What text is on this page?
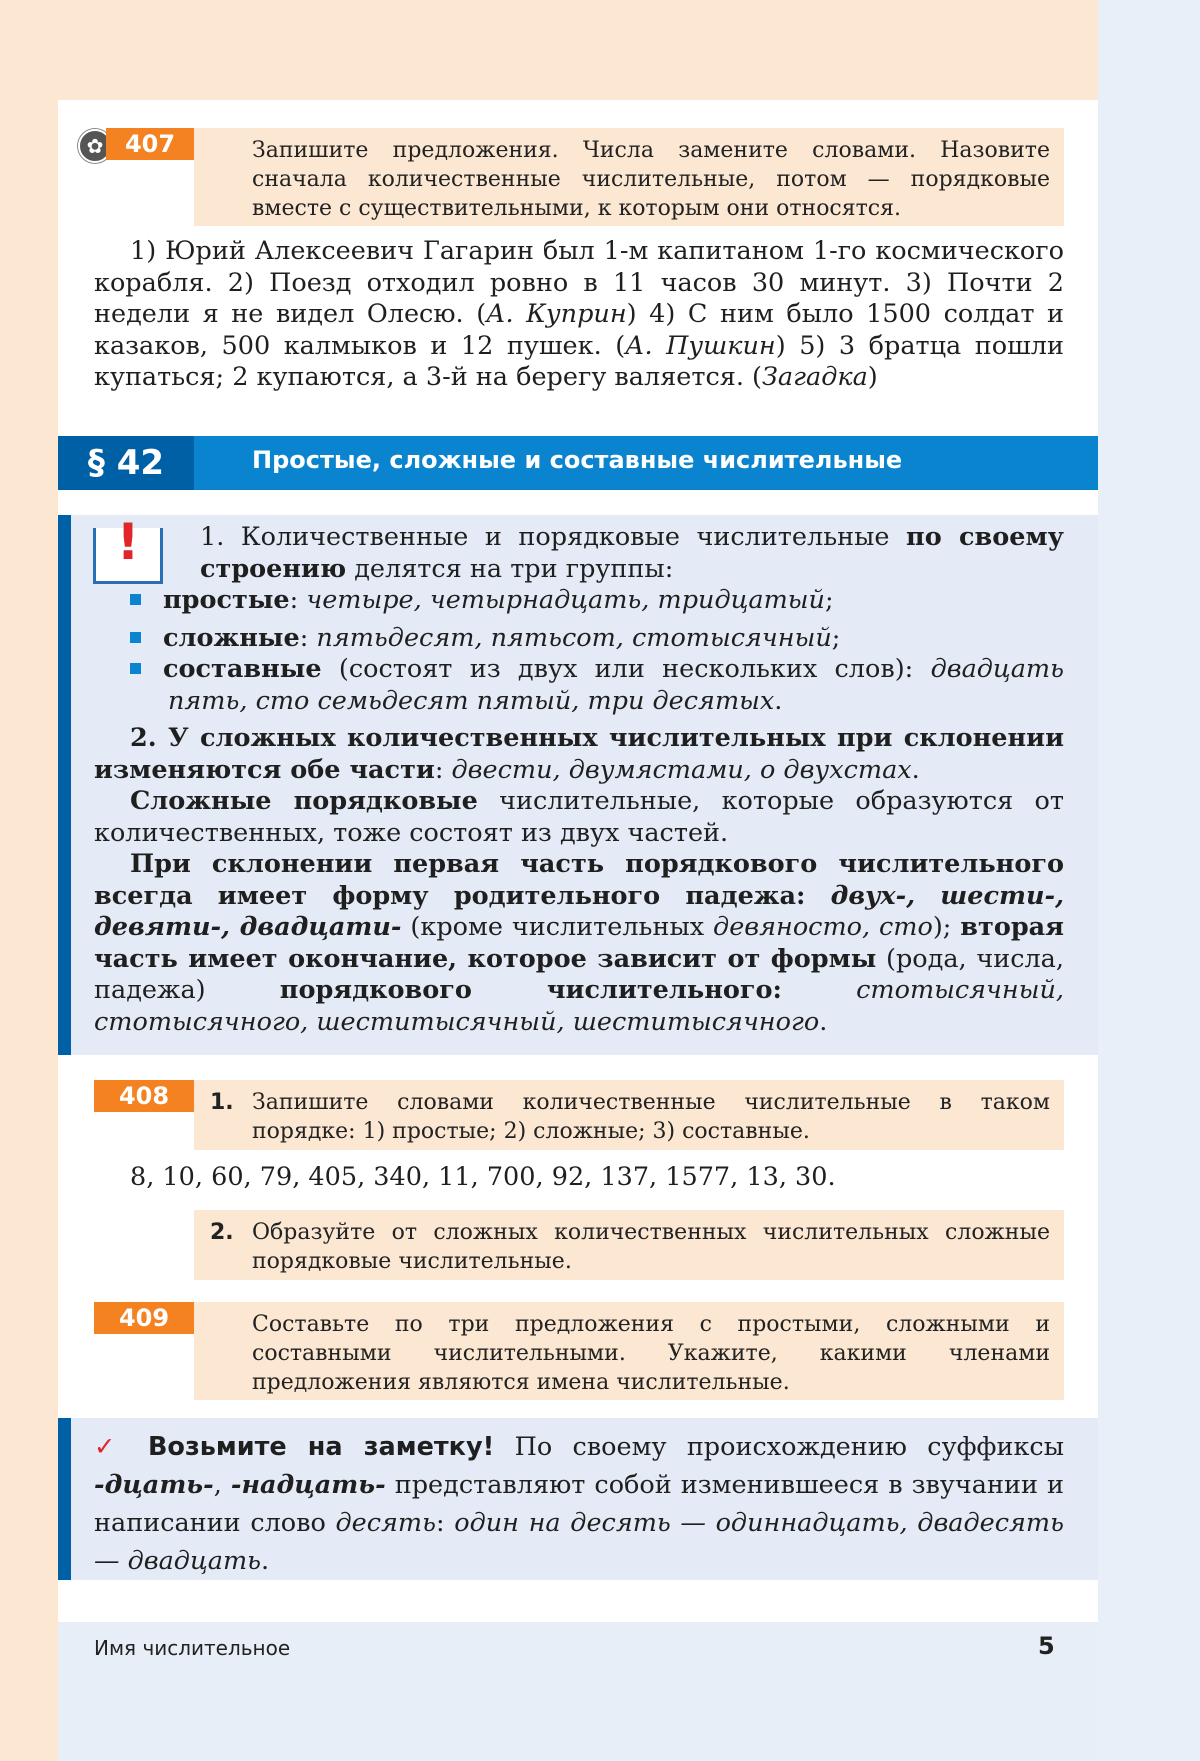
✿
407	Запишите предложения. Числа замените словами. Назовите сначала количественные числительные, потом — порядковые вместе с существительными, к которым они относятся.

1) Юрий Алексеевич Гагарин был 1-м капитаном 1-го космического корабля. 2) Поезд отходил ровно в 11 часов 30 минут. 3) Почти 2 недели я не видел Олесю. (А. Куприн) 4) С ним было 1500 солдат и казаков, 500 калмыков и 12 пушек. (А. Пушкин) 5) 3 братца пошли купаться; 2 купаются, а 3-й на берегу валяется. (Загадка)

§ 42	Простые, сложные и составные числительные
!

1. Количественные и порядковые числительные по своему строению делятся на три группы:

простые: четыре, четырнадцать, тридцатый;

сложные: пятьдесят, пятьсот, стотысячный;

составные (состоят из двух или нескольких слов): двадцать пять, сто семьдесят пятый, три десятых.

2. У сложных количественных числительных при склонении изменяются обе части: двести, двумястами, о двухстах.

Сложные порядковые числительные, которые образуются от количественных, тоже состоят из двух частей.

При склонении первая часть порядкового числительного всегда имеет форму родительного падежа: двух-, шести-, девяти-, двадцати- (кроме числительных девяносто, сто); вторая часть имеет окончание, которое зависит от формы (рода, числа, падежа) порядкового числительного:	стотысячный, стотысячного, шеститысячный, шеститысячного.

408	1. Запишите словами количественные числительные в таком порядке: 1) простые; 2) сложные; 3) составные.
8, 10, 60, 79, 405, 340, 11, 700, 92, 137, 1577, 13, 30.
2. Образуйте от сложных количественных числительных сложные порядковые числительные.
409	Составьте по три предложения с простыми, сложными и составными числительными. Укажите, какими членами предложения являются имена числительные.

✓ Возьмите на заметку! По своему происхождению суффиксы -дцать-, -надцать- представляют собой изменившееся в звучании и написании слово десять: один на десять — одиннадцать, двадесять — двадцать.

Имя числительное	5
